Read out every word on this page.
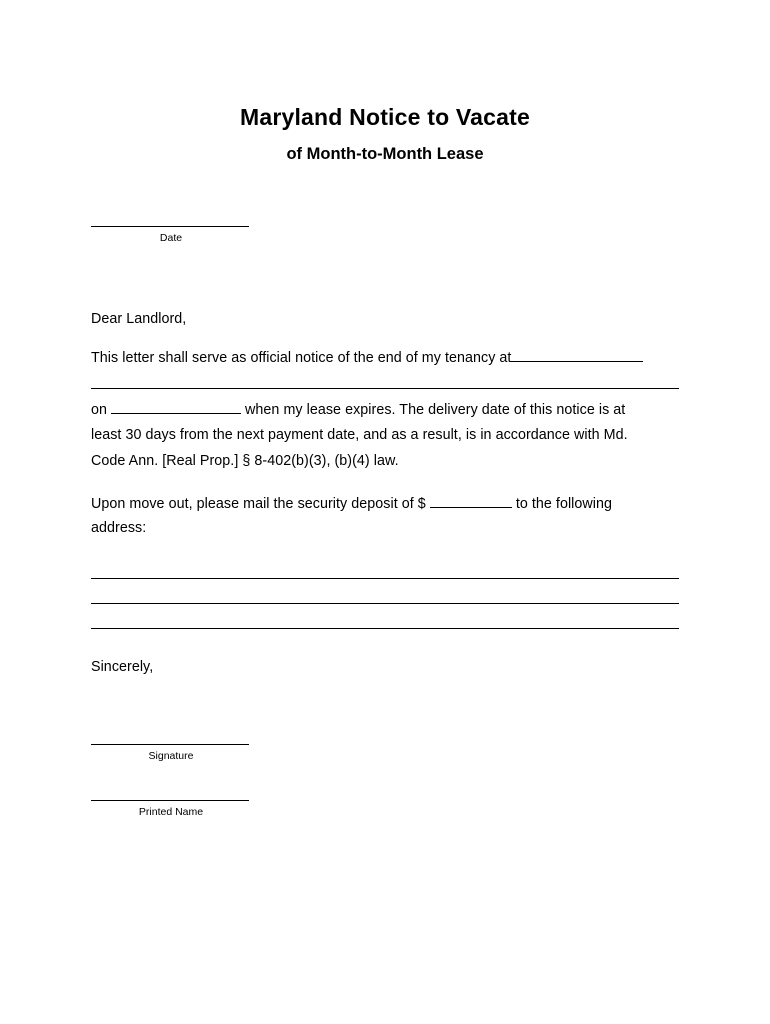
Maryland Notice to Vacate
of Month-to-Month Lease
Date
Dear Landlord,
This letter shall serve as official notice of the end of my tenancy at
on	when my lease expires. The delivery date of this notice is at
least 30 days from the next payment date, and as a result, is in accordance with Md.
Code Ann. [Real Prop.] § 8-402(b)(3), (b)(4) law.
Upon move out, please mail the security deposit of $	to the following
address:
Sincerely,
Signature
Printed Name
